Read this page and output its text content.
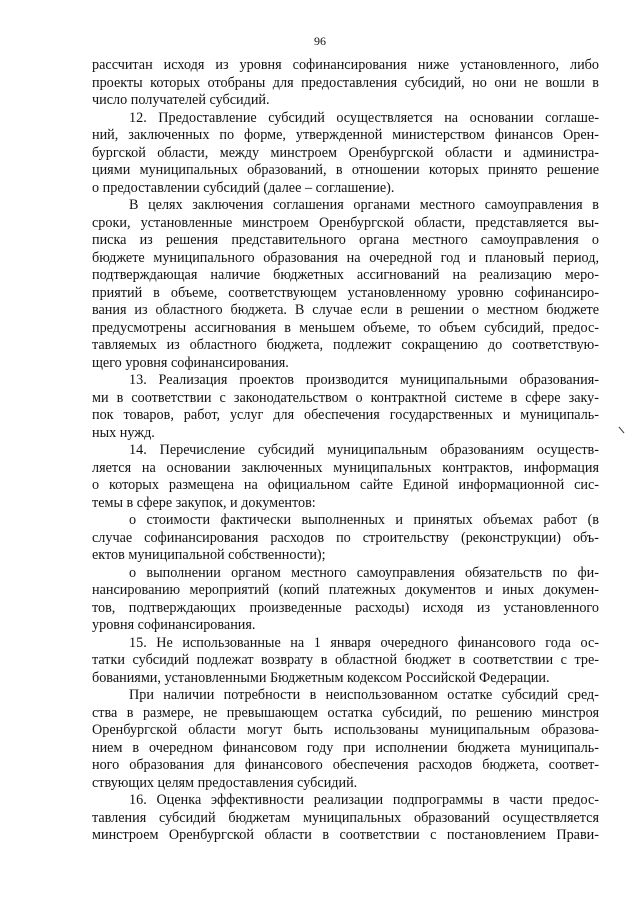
96
рассчитан исходя из уровня софинансирования ниже установленного, либо
проекты которых отобраны для предоставления субсидий, но они не вошли в
число получателей субсидий.
12. Предоставление субсидий осуществляется на основании соглаше-
ний, заключенных по форме, утвержденной министерством финансов Орен-
бургской области, между минстроем Оренбургской области и администра-
циями муниципальных образований, в отношении которых принято решение
о предоставлении субсидий (далее – соглашение).
В целях заключения соглашения органами местного самоуправления в
сроки, установленные минстроем Оренбургской области, представляется вы-
писка из решения представительного органа местного самоуправления о
бюджете муниципального образования на очередной год и плановый период,
подтверждающая наличие бюджетных ассигнований на реализацию меро-
приятий в объеме, соответствующем установленному уровню софинансиро-
вания из областного бюджета. В случае если в решении о местном бюджете
предусмотрены ассигнования в меньшем объеме, то объем субсидий, предос-
тавляемых из областного бюджета, подлежит сокращению до соответствую-
щего уровня софинансирования.
13. Реализация проектов производится муниципальными образования-
ми в соответствии с законодательством о контрактной системе в сфере заку-
пок товаров, работ, услуг для обеспечения государственных и муниципаль-
ных нужд.
14. Перечисление субсидий муниципальным образованиям осуществ-
ляется на основании заключенных муниципальных контрактов, информация
о которых размещена на официальном сайте Единой информационной сис-
темы в сфере закупок, и документов:
о стоимости фактически выполненных и принятых объемах работ (в
случае софинансирования расходов по строительству (реконструкции) объ-
ектов муниципальной собственности);
о выполнении органом местного самоуправления обязательств по фи-
нансированию мероприятий (копий платежных документов и иных докумен-
тов, подтверждающих произведенные расходы) исходя из установленного
уровня софинансирования.
15. Не использованные на 1 января очередного финансового года ос-
татки субсидий подлежат возврату в областной бюджет в соответствии с тре-
бованиями, установленными Бюджетным кодексом Российской Федерации.
При наличии потребности в неиспользованном остатке субсидий сред-
ства в размере, не превышающем остатка субсидий, по решению минстроя
Оренбургской области могут быть использованы муниципальным образова-
нием в очередном финансовом году при исполнении бюджета муниципаль-
ного образования для финансового обеспечения расходов бюджета, соответ-
ствующих целям предоставления субсидий.
16. Оценка эффективности реализации подпрограммы в части предос-
тавления субсидий бюджетам муниципальных образований осуществляется
минстроем Оренбургской области в соответствии с постановлением Прави-
